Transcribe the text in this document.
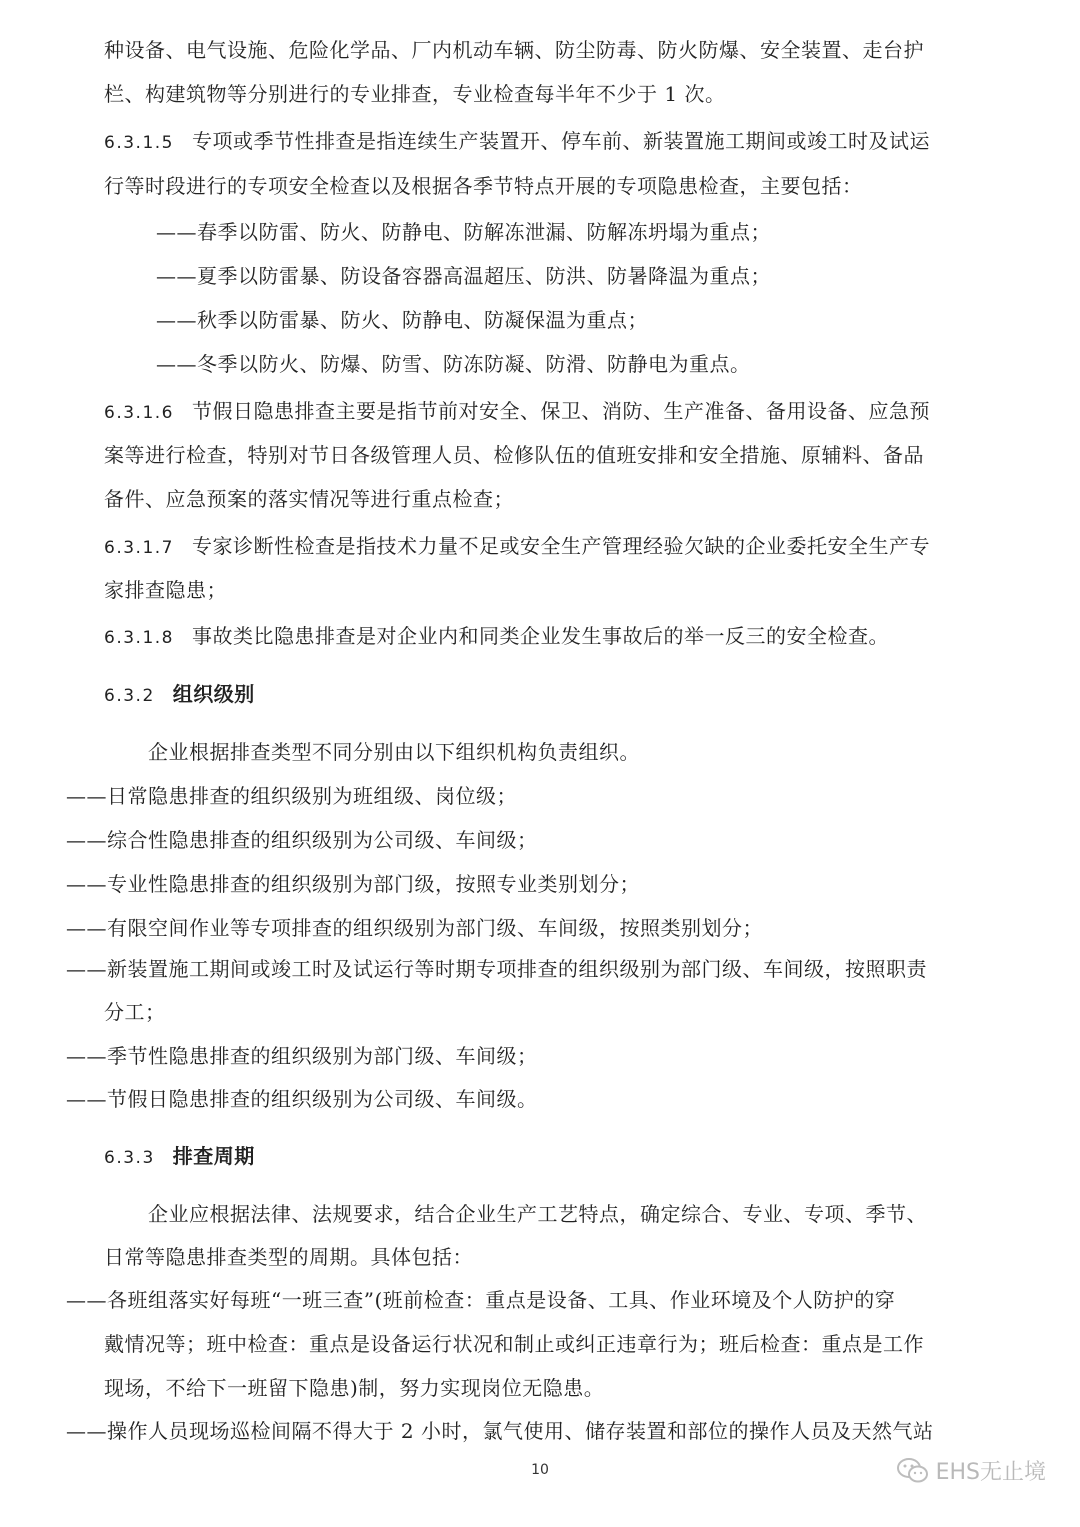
种设备、电气设施、危险化学品、厂内机动车辆、防尘防毒、防火防爆、安全装置、走台护
栏、构建筑物等分别进行的专业排查，专业检查每半年不少于 1 次。
6.3.1.5 专项或季节性排查是指连续生产装置开、停车前、新装置施工期间或竣工时及试运
行等时段进行的专项安全检查以及根据各季节特点开展的专项隐患检查，主要包括：
——春季以防雷、防火、防静电、防解冻泄漏、防解冻坍塌为重点；
——夏季以防雷暴、防设备容器高温超压、防洪、防暑降温为重点；
——秋季以防雷暴、防火、防静电、防凝保温为重点；
——冬季以防火、防爆、防雪、防冻防凝、防滑、防静电为重点。
6.3.1.6 节假日隐患排查主要是指节前对安全、保卫、消防、生产准备、备用设备、应急预
案等进行检查，特别对节日各级管理人员、检修队伍的值班安排和安全措施、原辅料、备品
备件、应急预案的落实情况等进行重点检查；
6.3.1.7 专家诊断性检查是指技术力量不足或安全生产管理经验欠缺的企业委托安全生产专
家排查隐患；
6.3.1.8 事故类比隐患排查是对企业内和同类企业发生事故后的举一反三的安全检查。
6.3.2 组织级别
企业根据排查类型不同分别由以下组织机构负责组织。
——日常隐患排查的组织级别为班组级、岗位级；
——综合性隐患排查的组织级别为公司级、车间级；
——专业性隐患排查的组织级别为部门级，按照专业类别划分；
——有限空间作业等专项排查的组织级别为部门级、车间级，按照类别划分；
——新装置施工期间或竣工时及试运行等时期专项排查的组织级别为部门级、车间级，按照职责
分工；
——季节性隐患排查的组织级别为部门级、车间级；
——节假日隐患排查的组织级别为公司级、车间级。
6.3.3 排查周期
企业应根据法律、法规要求，结合企业生产工艺特点，确定综合、专业、专项、季节、
日常等隐患排查类型的周期。具体包括：
——各班组落实好每班“一班三查”(班前检查：重点是设备、工具、作业环境及个人防护的穿
戴情况等；班中检查：重点是设备运行状况和制止或纠正违章行为；班后检查：重点是工作
现场，不给下一班留下隐患)制，努力实现岗位无隐患。
——操作人员现场巡检间隔不得大于 2 小时，氯气使用、储存装置和部位的操作人员及天然气站
10	EHS无止境
